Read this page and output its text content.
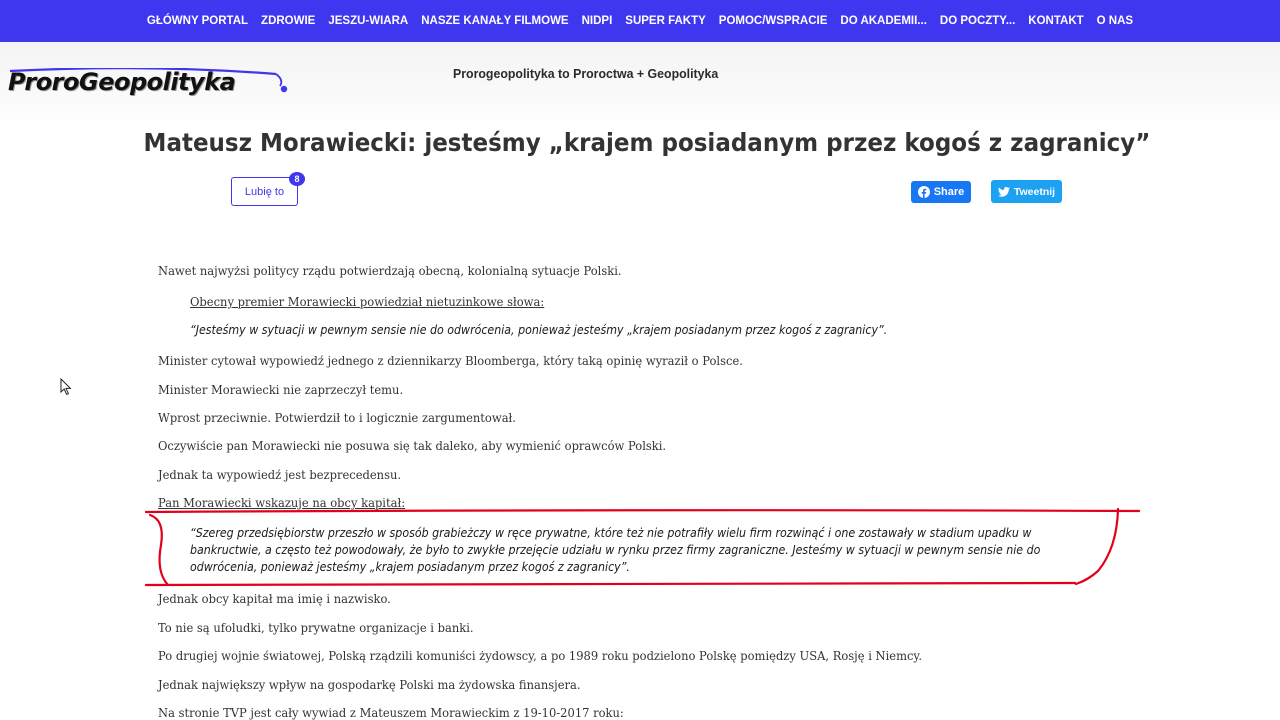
GŁÓWNY PORTAL	ZDROWIE	JESZU-WIARA	NASZE KANAŁY FILMOWE	NIDPI	SUPER FAKTY	POMOC/WSPRACIE	DO AKADEMII...	DO POCZTY...	KONTAKT	O NAS
ProroGeopolityka	Prorogeopolityka to Proroctwa + Geopolityka
Mateusz Morawiecki: jesteśmy „krajem posiadanym przez kogoś z zagranicy”
Lubię to
8
Share	Tweetnij

Nawet najwyżsi politycy rządu potwierdzają obecną, kolonialną sytuacje Polski.

Obecny premier Morawiecki powiedział nietuzinkowe słowa:

“Jesteśmy w sytuacji w pewnym sensie nie do odwrócenia, ponieważ jesteśmy „krajem posiadanym przez kogoś z zagranicy”.

Minister cytował wypowiedź jednego z dziennikarzy Bloomberga, który taką opinię wyraził o Polsce.

Minister Morawiecki nie zaprzeczył temu.

Wprost przeciwnie. Potwierdził to i logicznie zargumentował.

Oczywiście pan Morawiecki nie posuwa się tak daleko, aby wymienić oprawców Polski.

Jednak ta wypowiedź jest bezprecedensu.

Pan Morawiecki wskazuje na obcy kapitał:

“Szereg przedsiębiorstw przeszło w sposób grabieżczy w ręce prywatne, które też nie potrafiły wielu firm rozwinąć i one zostawały w stadium upadku w bankructwie, a często też powodowały, że było to zwykłe przejęcie udziału w rynku przez firmy zagraniczne. Jesteśmy w sytuacji w pewnym sensie nie do odwrócenia, ponieważ jesteśmy „krajem posiadanym przez kogoś z zagranicy”.

Jednak obcy kapitał ma imię i nazwisko.

To nie są ufoludki, tylko prywatne organizacje i banki.

Po drugiej wojnie światowej, Polską rządzili komuniści żydowscy, a po 1989 roku podzielono Polskę pomiędzy USA, Rosję i Niemcy.

Jednak największy wpływ na gospodarkę Polski ma żydowska finansjera.

Na stronie TVP jest cały wywiad z Mateuszem Morawieckim z 19-10-2017 roku:
